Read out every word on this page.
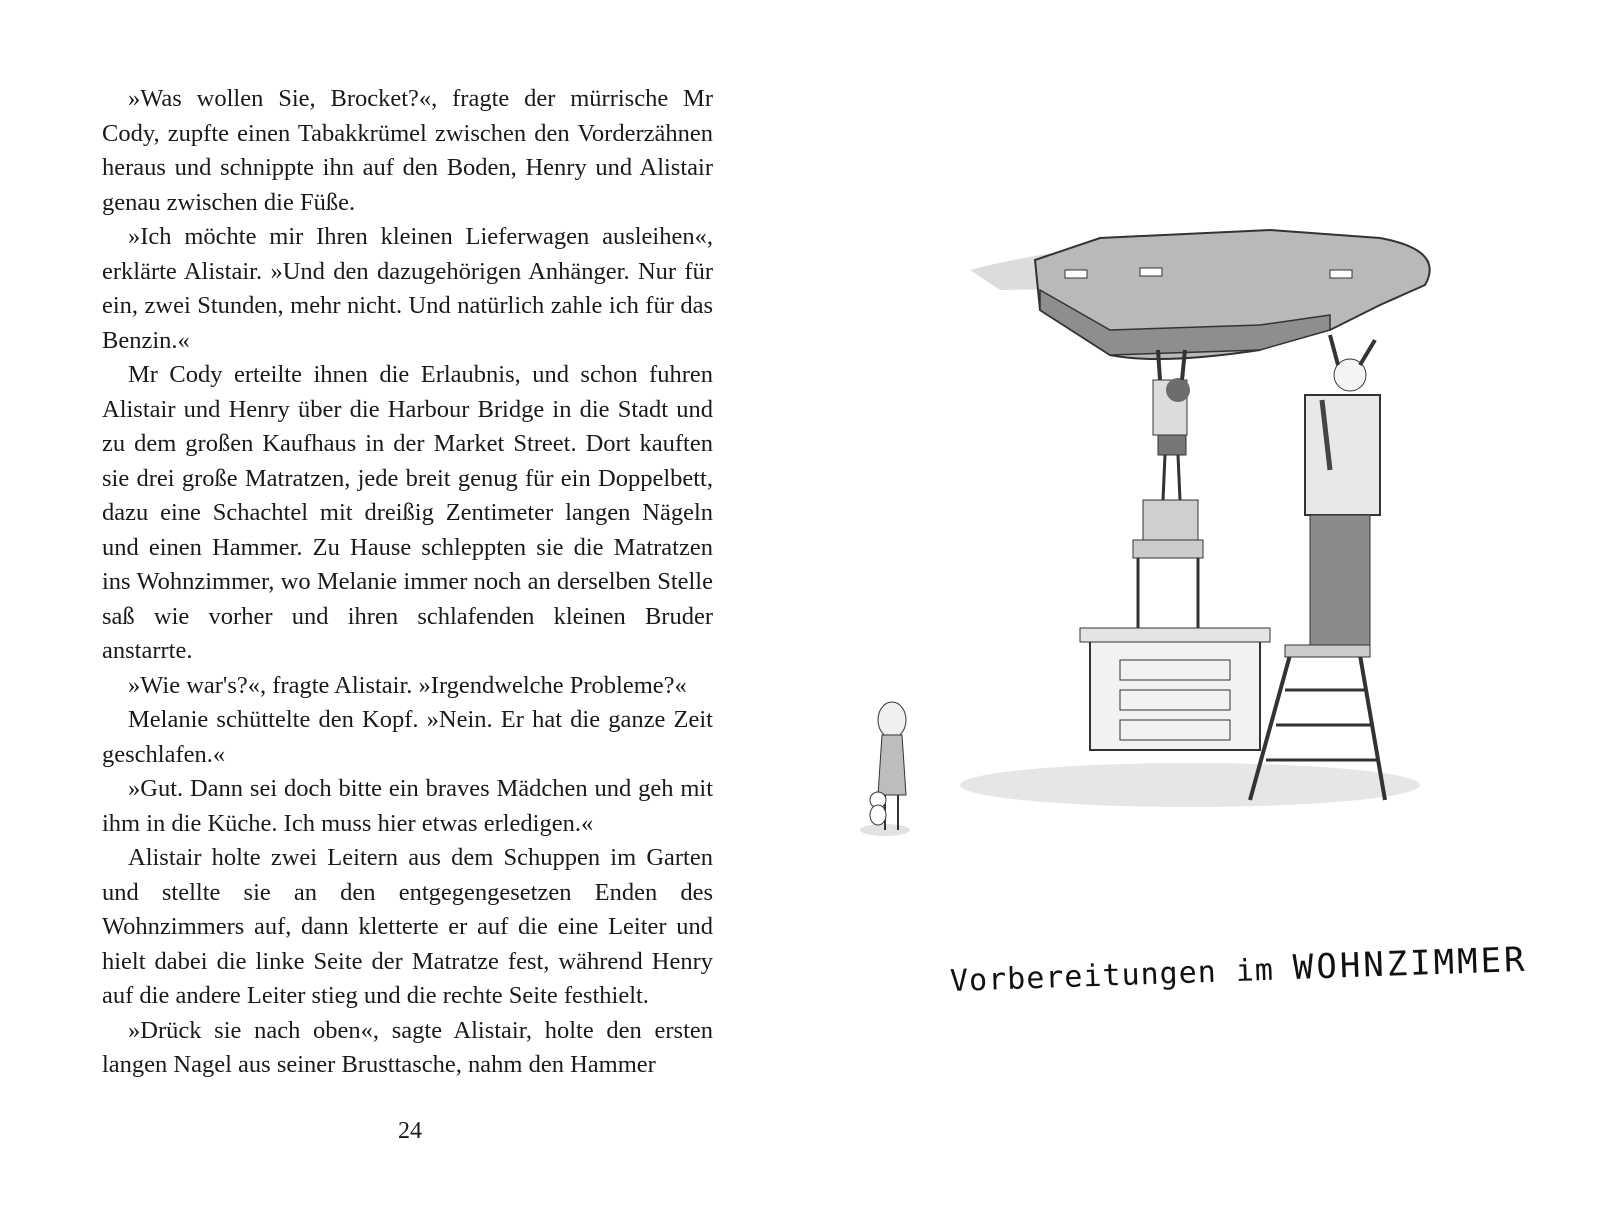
»Was wollen Sie, Brocket?«, fragte der mürrische Mr Cody, zupfte einen Tabakkrümel zwischen den Vorderzähnen heraus und schnippte ihn auf den Boden, Henry und Alistair genau zwischen die Füße.

»Ich möchte mir Ihren kleinen Lieferwagen ausleihen«, erklärte Alistair. »Und den dazugehörigen Anhänger. Nur für ein, zwei Stunden, mehr nicht. Und natürlich zahle ich für das Benzin.«

Mr Cody erteilte ihnen die Erlaubnis, und schon fuhren Alistair und Henry über die Harbour Bridge in die Stadt und zu dem großen Kaufhaus in der Market Street. Dort kauften sie drei große Matratzen, jede breit genug für ein Doppelbett, dazu eine Schachtel mit dreißig Zentimeter langen Nägeln und einen Hammer. Zu Hause schleppten sie die Matratzen ins Wohnzimmer, wo Melanie immer noch an derselben Stelle saß wie vorher und ihren schlafenden kleinen Bruder anstarrte.

»Wie war's?«, fragte Alistair. »Irgendwelche Probleme?«

Melanie schüttelte den Kopf. »Nein. Er hat die ganze Zeit geschlafen.«

»Gut. Dann sei doch bitte ein braves Mädchen und geh mit ihm in die Küche. Ich muss hier etwas erledigen.«

Alistair holte zwei Leitern aus dem Schuppen im Garten und stellte sie an den entgegengesetzen Enden des Wohnzimmers auf, dann kletterte er auf die eine Leiter und hielt dabei die linke Seite der Matratze fest, während Henry auf die andere Leiter stieg und die rechte Seite festhielt.

»Drück sie nach oben«, sagte Alistair, holte den ersten langen Nagel aus seiner Brusttasche, nahm den Hammer

24
Vorbereitungen im WOHNZIMMER
